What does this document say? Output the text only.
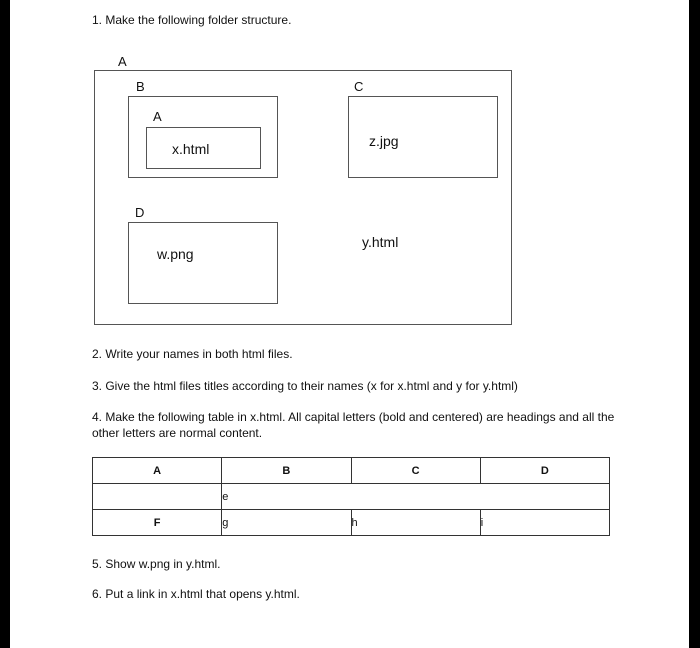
1. Make the following folder structure.
A
B
A
x.html
C
z.jpg
D
w.png
y.html
2. Write your names in both html files.
3. Give the html files titles according to their names (x for x.html and y for y.html)
4. Make the following table in x.html. All capital letters (bold and centered) are headings and all the other letters are normal content.
A	B	C	D
	e		
F	g	h	i
5. Show w.png in y.html.
6. Put a link in x.html that opens y.html.
